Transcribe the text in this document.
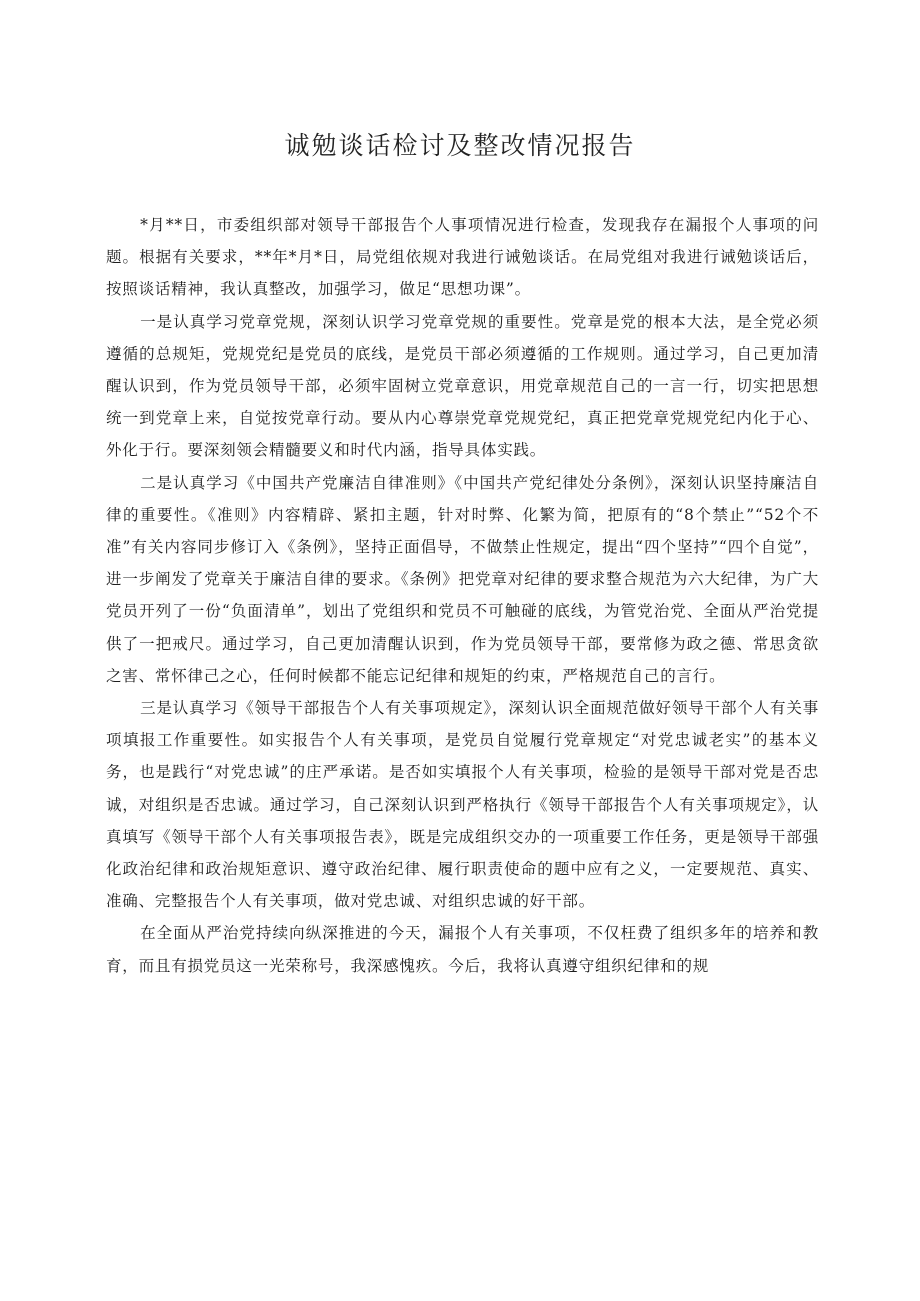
诚勉谈话检讨及整改情况报告

*月**日，市委组织部对领导干部报告个人事项情况进行检查，发现我存在漏报个人事项的问题。根据有关要求，**年*月*日，局党组依规对我进行诫勉谈话。在局党组对我进行诫勉谈话后，按照谈话精神，我认真整改，加强学习，做足“思想功课”。

一是认真学习党章党规，深刻认识学习党章党规的重要性。党章是党的根本大法，是全党必须遵循的总规矩，党规党纪是党员的底线，是党员干部必须遵循的工作规则。通过学习，自己更加清醒认识到，作为党员领导干部，必须牢固树立党章意识，用党章规范自己的一言一行，切实把思想统一到党章上来，自觉按党章行动。要从内心尊崇党章党规党纪，真正把党章党规党纪内化于心、外化于行。要深刻领会精髓要义和时代内涵，指导具体实践。

二是认真学习《中国共产党廉洁自律准则》《中国共产党纪律处分条例》，深刻认识坚持廉洁自律的重要性。《准则》内容精辟、紧扣主题，针对时弊、化繁为简，把原有的“8个禁止”“52个不准”有关内容同步修订入《条例》，坚持正面倡导，不做禁止性规定，提出“四个坚持”“四个自觉”，进一步阐发了党章关于廉洁自律的要求。《条例》把党章对纪律的要求整合规范为六大纪律，为广大党员开列了一份“负面清单”，划出了党组织和党员不可触碰的底线，为管党治党、全面从严治党提供了一把戒尺。通过学习，自己更加清醒认识到，作为党员领导干部，要常修为政之德、常思贪欲之害、常怀律己之心，任何时候都不能忘记纪律和规矩的约束，严格规范自己的言行。

三是认真学习《领导干部报告个人有关事项规定》，深刻认识全面规范做好领导干部个人有关事项填报工作重要性。如实报告个人有关事项，是党员自觉履行党章规定“对党忠诚老实”的基本义务，也是践行“对党忠诚”的庄严承诺。是否如实填报个人有关事项，检验的是领导干部对党是否忠诚，对组织是否忠诚。通过学习，自己深刻认识到严格执行《领导干部报告个人有关事项规定》，认真填写《领导干部个人有关事项报告表》，既是完成组织交办的一项重要工作任务，更是领导干部强化政治纪律和政治规矩意识、遵守政治纪律、履行职责使命的题中应有之义，一定要规范、真实、准确、完整报告个人有关事项，做对党忠诚、对组织忠诚的好干部。

在全面从严治党持续向纵深推进的今天，漏报个人有关事项，不仅枉费了组织多年的培养和教育，而且有损党员这一光荣称号，我深感愧疚。今后，我将认真遵守组织纪律和的规
